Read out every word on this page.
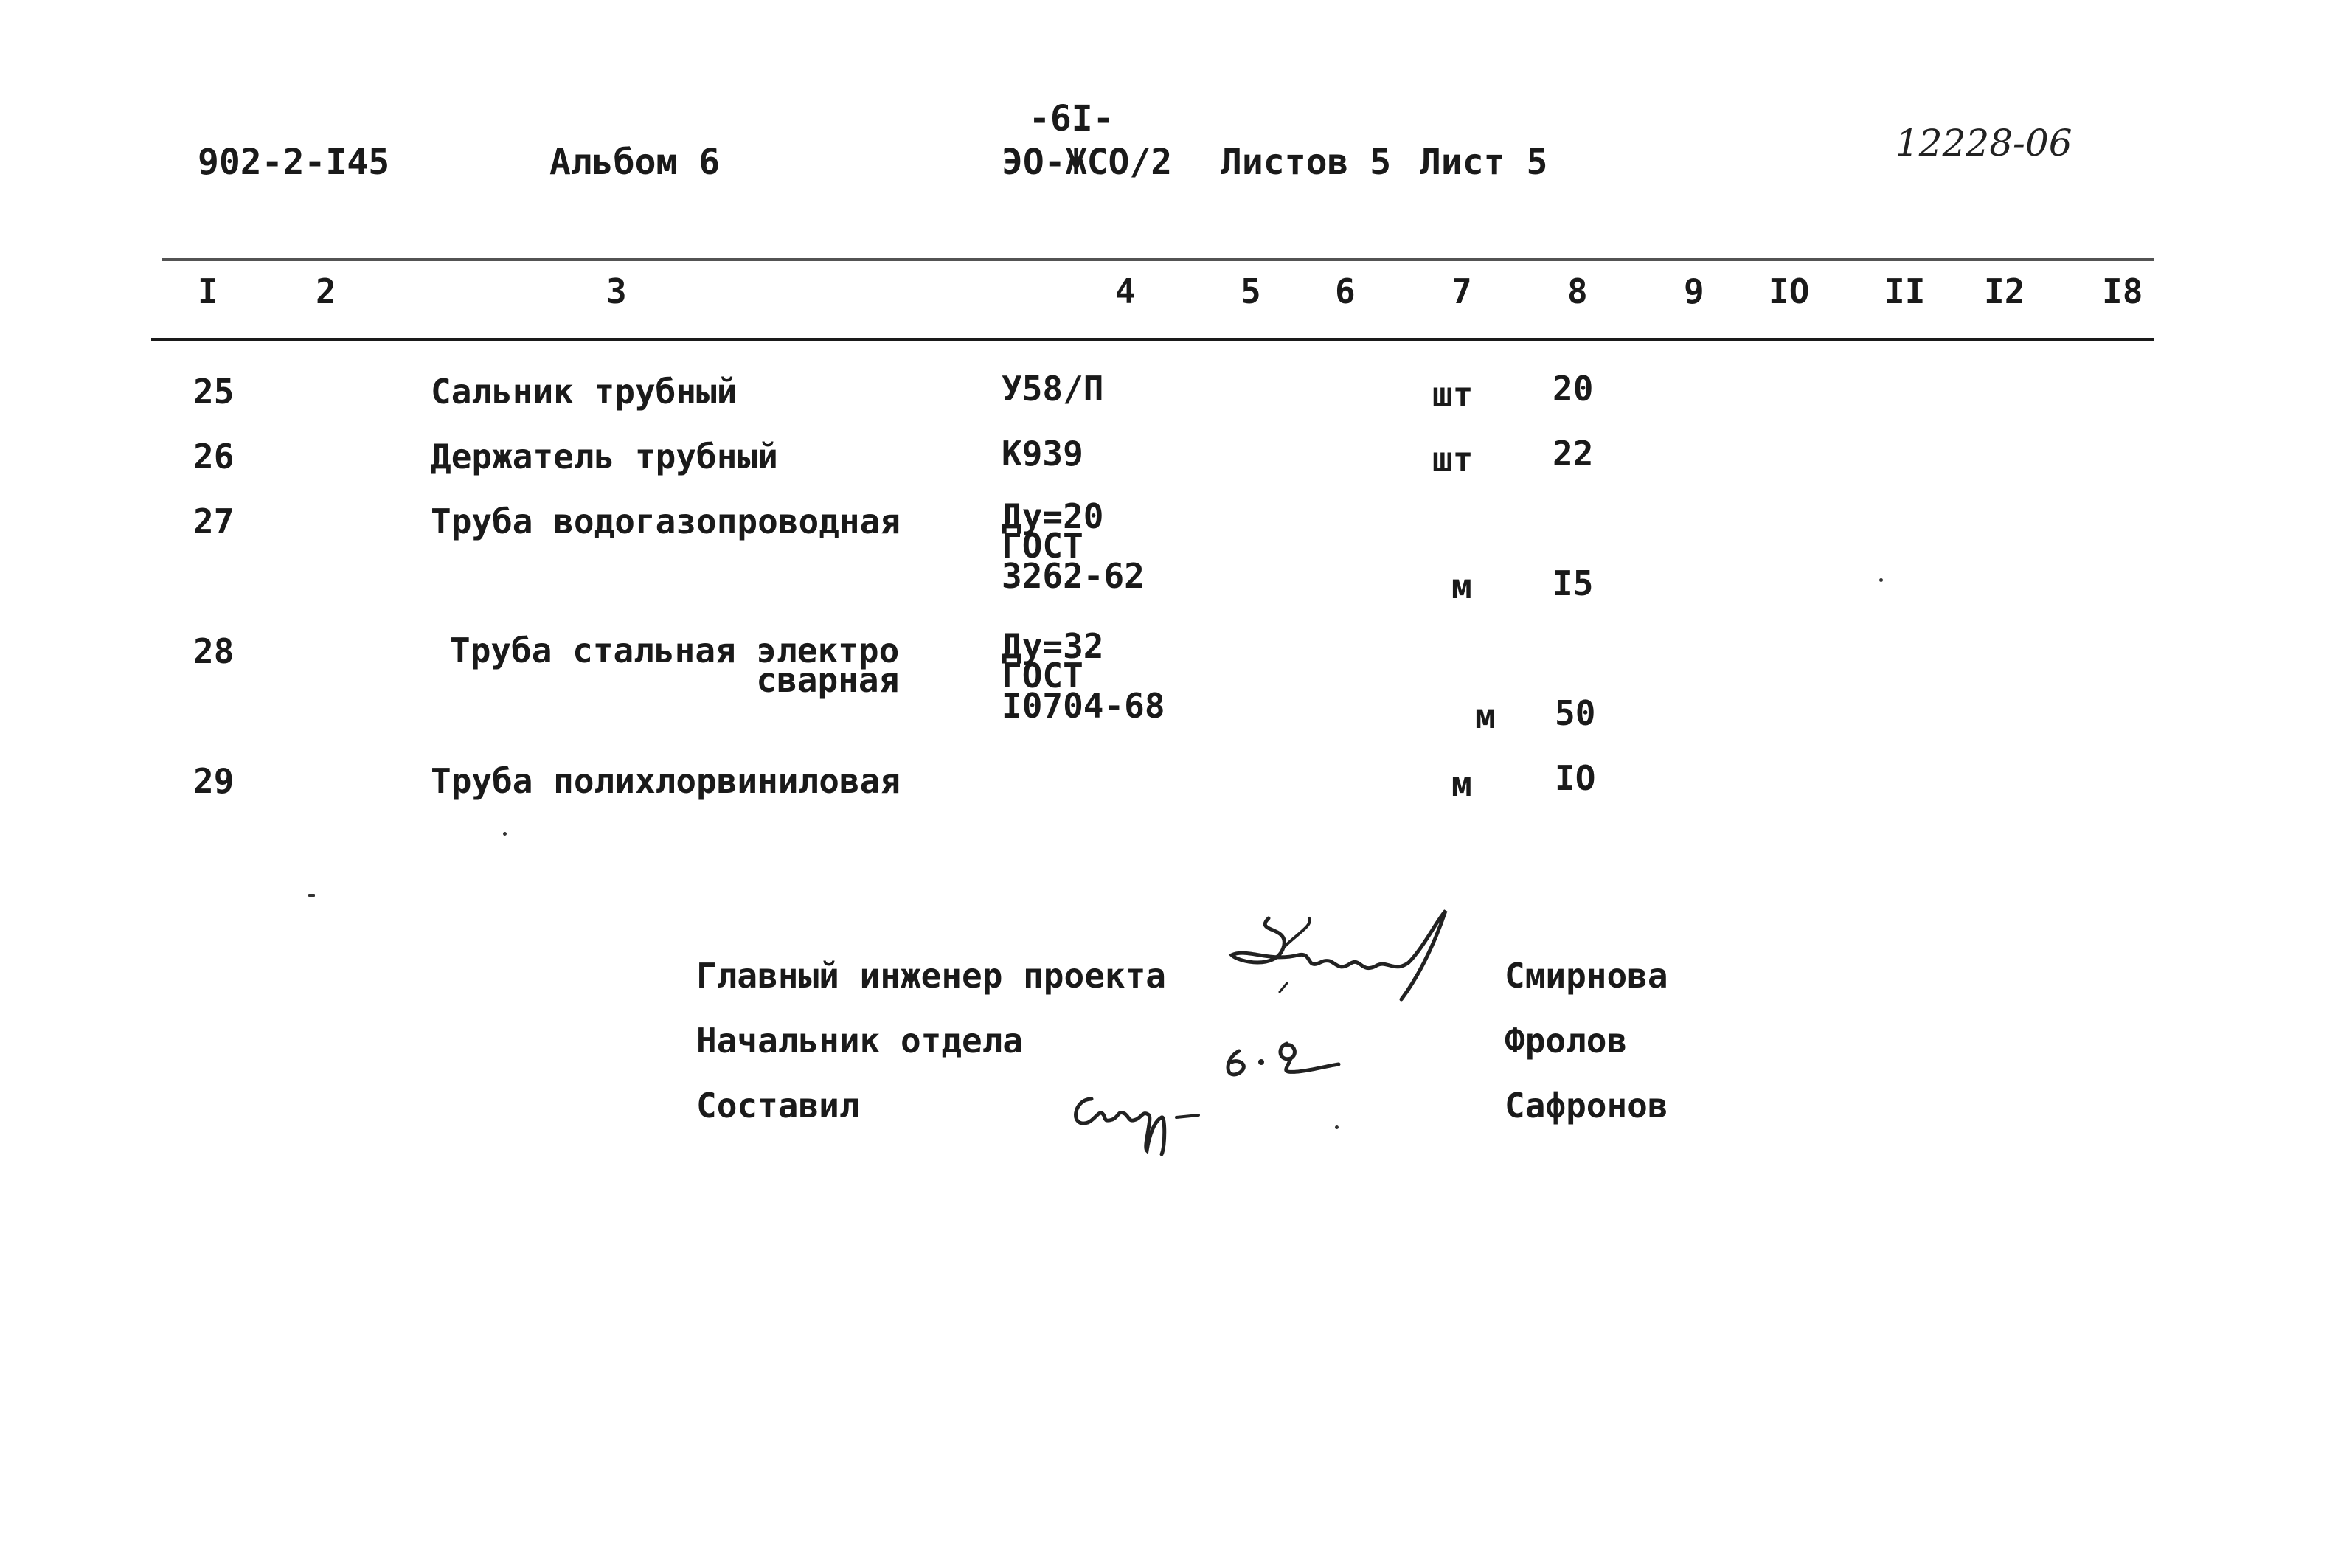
-6I-
902-2-I45	Альбом 6	ЭО-ЖСО/2 Листов 5 Лист 5	12228-06
I	2	3	4	5 6	7	8	9 IO II I2 I8
25	Сальник трубный	У58/П	шт 20
26	Держатель трубный	К939	шт 22
27	Труба водогазопроводная	Ду=20
ГОСТ
3262-62	м I5
28	Труба стальная электро
сварная
Ду=32
ГОСТ
I0704-68	м 50
29	Труба полихлорвиниловая	м IO
Главный инженер проекта	Смирнова
Начальник отдела	Фролов
Составил	Сафронов
